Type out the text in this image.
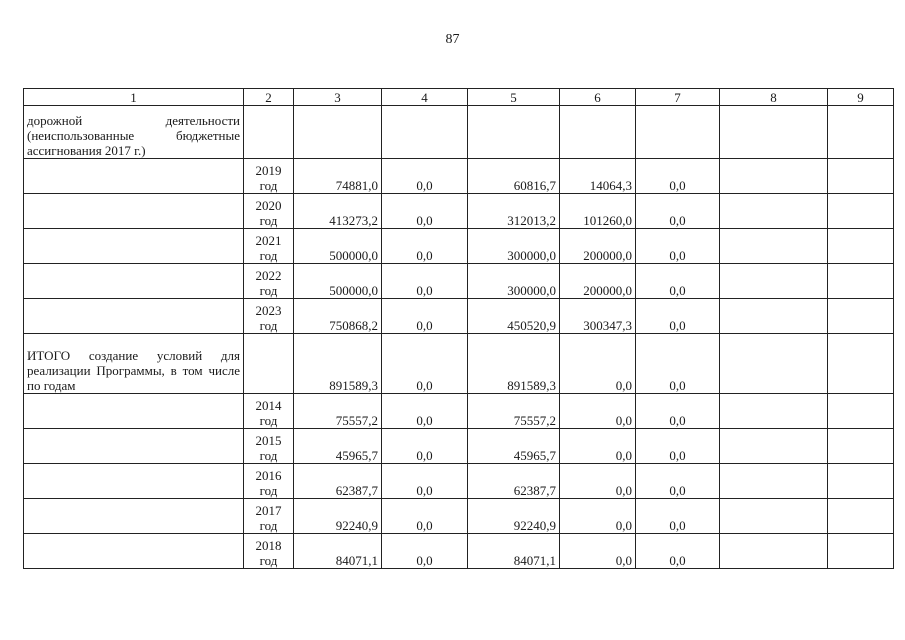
87
1	2	3	4	5	6	7	8	9
дорожной деятельности (неиспользованные бюджетные ассигнования 2017 г.)	

	2019
год	74881,0	0,0	60816,7	14064,3	0,0		

	2020
год	413273,2	0,0	312013,2	101260,0	0,0		

	2021
год	500000,0	0,0	300000,0	200000,0	0,0		

	2022
год	500000,0	0,0	300000,0	200000,0	0,0		

	2023
год	750868,2	0,0	450520,9	300347,3	0,0		
ИТОГО создание условий для реализации Программы, в том числе по годам		891589,3	0,0	891589,3	0,0	0,0		

	2014
год	75557,2	0,0	75557,2	0,0	0,0		

	2015
год	45965,7	0,0	45965,7	0,0	0,0		

	2016
год	62387,7	0,0	62387,7	0,0	0,0		

	2017
год	92240,9	0,0	92240,9	0,0	0,0		

	2018
год	84071,1	0,0	84071,1	0,0	0,0		
